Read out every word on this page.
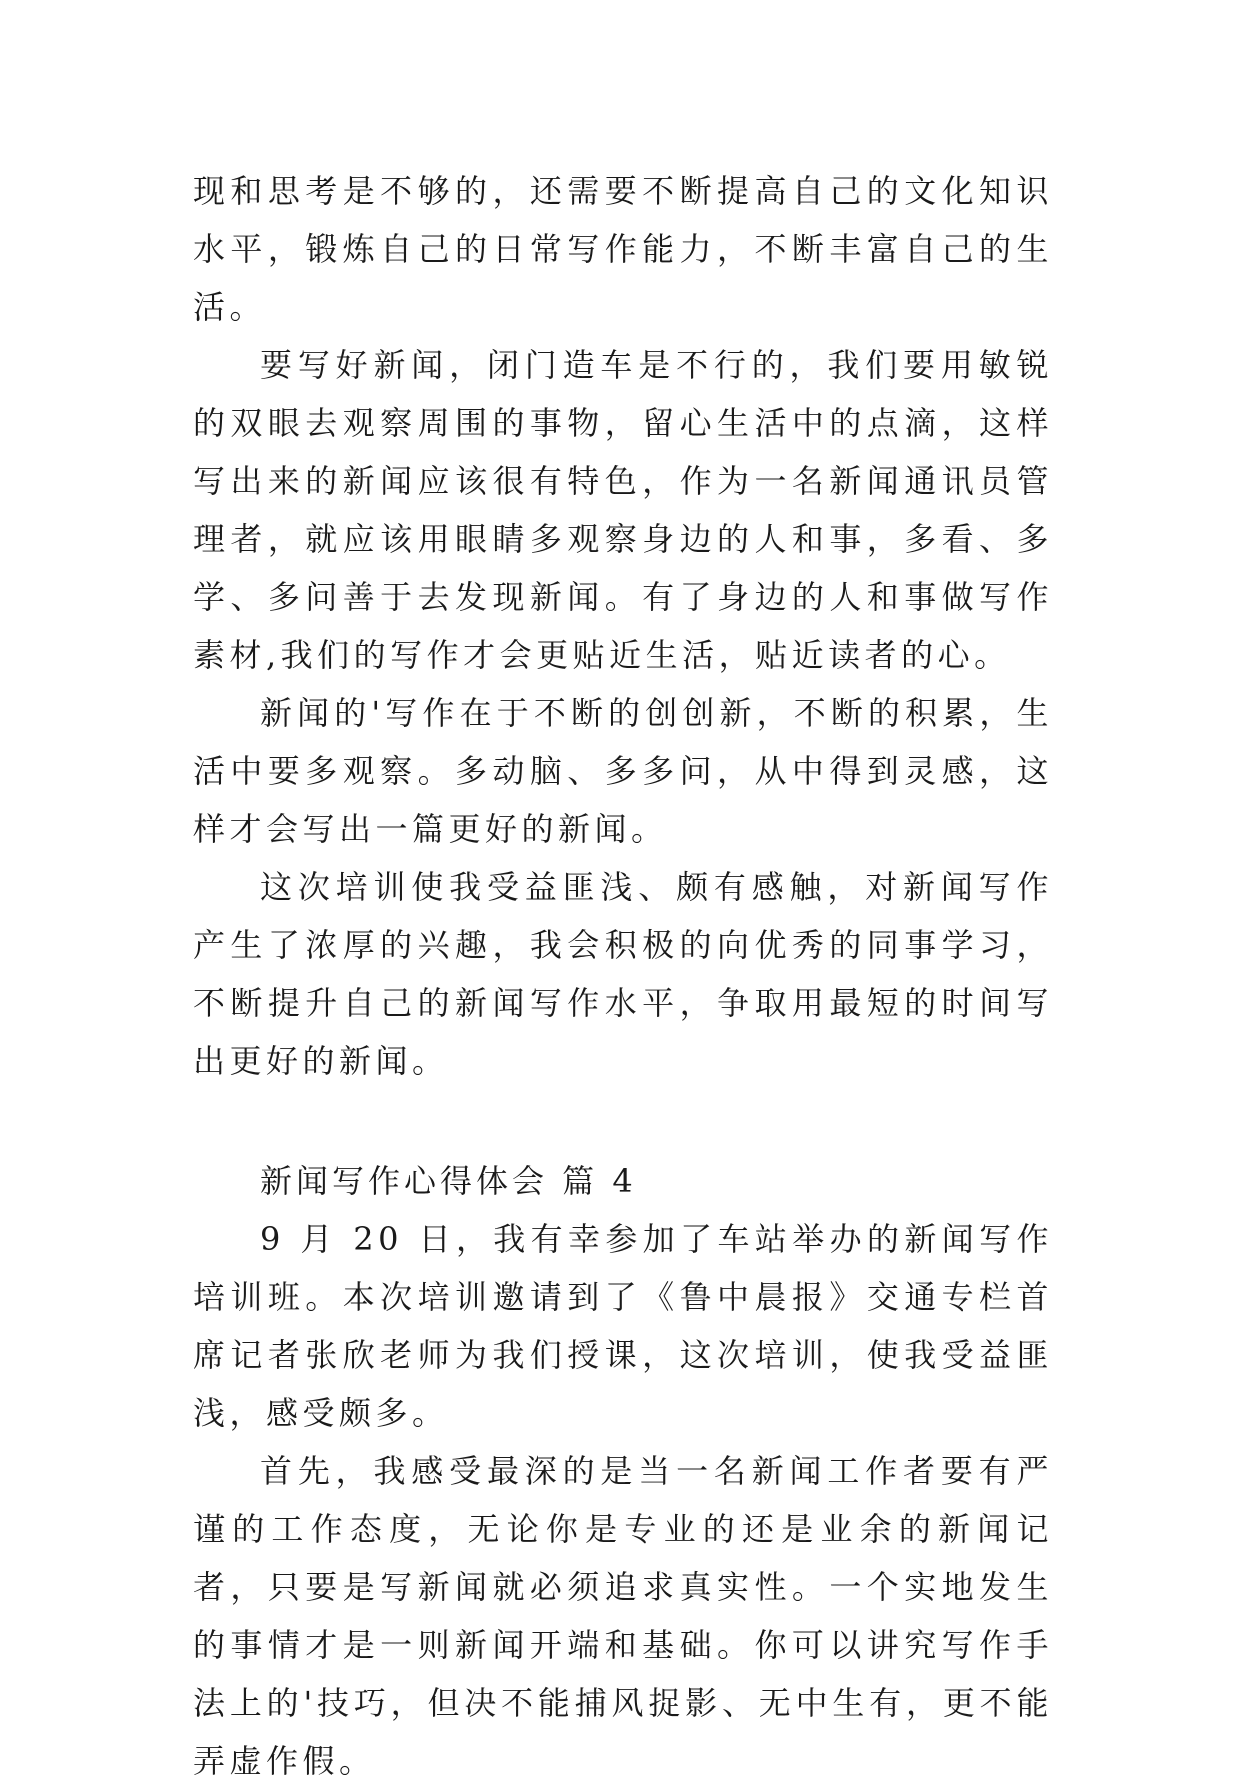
现和思考是不够的，还需要不断提高自己的文化知识水平，锻炼自己的日常写作能力，不断丰富自己的生活。

要写好新闻，闭门造车是不行的，我们要用敏锐的双眼去观察周围的事物，留心生活中的点滴，这样写出来的新闻应该很有特色，作为一名新闻通讯员管理者，就应该用眼睛多观察身边的人和事，多看、多学、多问善于去发现新闻。有了身边的人和事做写作素材,我们的写作才会更贴近生活，贴近读者的心。

新闻的'写作在于不断的创创新，不断的积累，生活中要多观察。多动脑、多多问，从中得到灵感，这样才会写出一篇更好的新闻。

这次培训使我受益匪浅、颇有感触，对新闻写作产生了浓厚的兴趣，我会积极的向优秀的同事学习，不断提升自己的新闻写作水平，争取用最短的时间写出更好的新闻。

新闻写作心得体会 篇 4

9 月 20 日，我有幸参加了车站举办的新闻写作培训班。本次培训邀请到了《鲁中晨报》交通专栏首席记者张欣老师为我们授课，这次培训，使我受益匪浅，感受颇多。

首先，我感受最深的是当一名新闻工作者要有严谨的工作态度，无论你是专业的还是业余的新闻记者，只要是写新闻就必须追求真实性。一个实地发生的事情才是一则新闻开端和基础。你可以讲究写作手法上的'技巧，但决不能捕风捉影、无中生有，更不能弄虚作假。
